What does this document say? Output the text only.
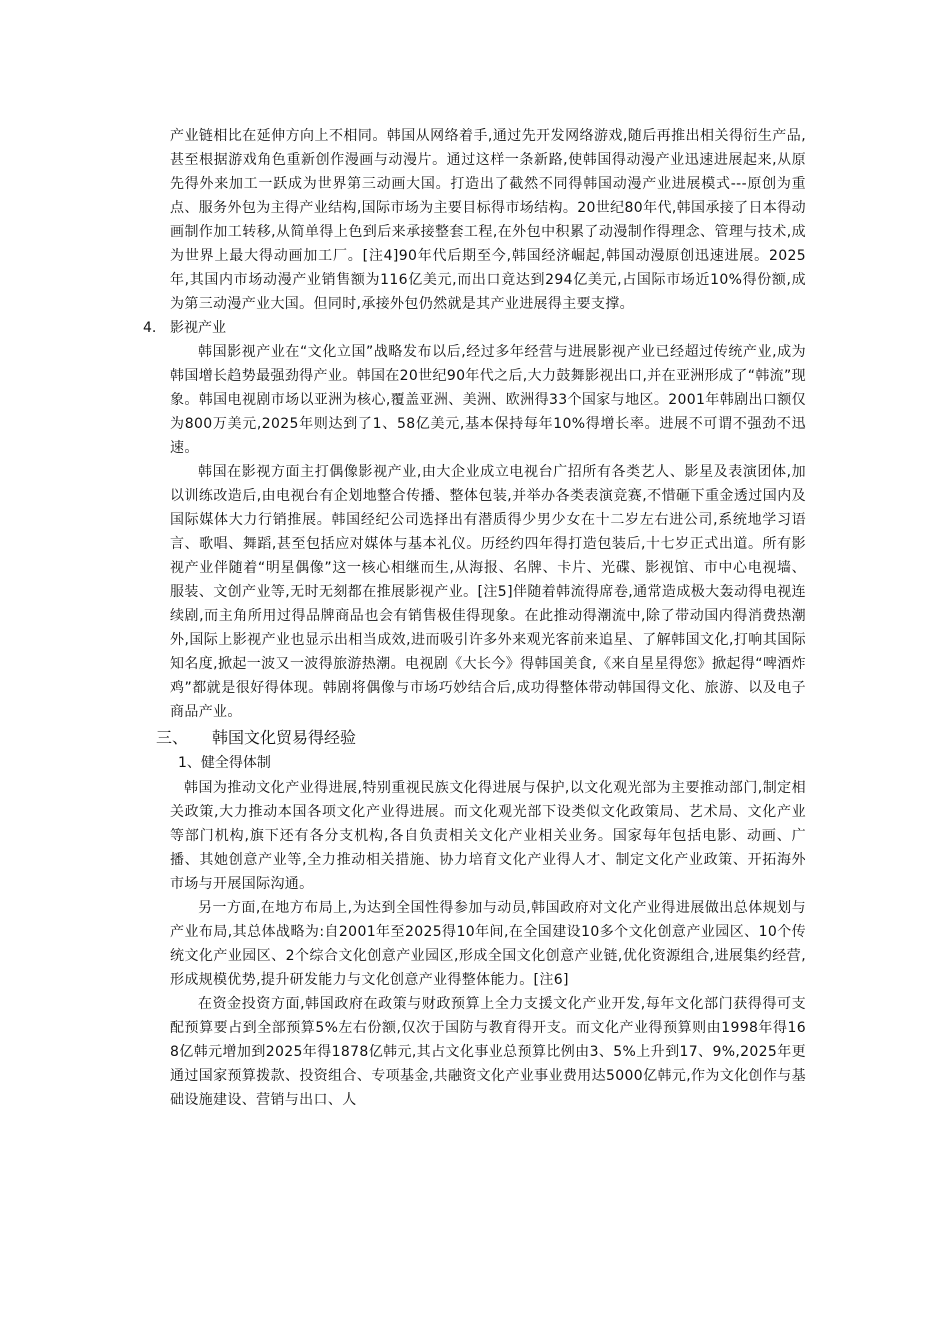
产业链相比在延伸方向上不相同。韩国从网络着手,通过先开发网络游戏,随后再推出相关得衍生产品,甚至根据游戏角色重新创作漫画与动漫片。通过这样一条新路,使韩国得动漫产业迅速进展起来,从原先得外来加工一跃成为世界第三动画大国。打造出了截然不同得韩国动漫产业进展模式---原创为重点、服务外包为主得产业结构,国际市场为主要目标得市场结构。20世纪80年代,韩国承接了日本得动画制作加工转移,从简单得上色到后来承接整套工程,在外包中积累了动漫制作得理念、管理与技术,成为世界上最大得动画加工厂。[注4]90年代后期至今,韩国经济崛起,韩国动漫原创迅速进展。2025年,其国内市场动漫产业销售额为116亿美元,而出口竟达到294亿美元,占国际市场近10%得份额,成为第三动漫产业大国。但同时,承接外包仍然就是其产业进展得主要支撑。

4. 影视产业

韩国影视产业在“文化立国”战略发布以后,经过多年经营与进展影视产业已经超过传统产业,成为韩国增长趋势最强劲得产业。韩国在20世纪90年代之后,大力鼓舞影视出口,并在亚洲形成了“韩流”现象。韩国电视剧市场以亚洲为核心,覆盖亚洲、美洲、欧洲得33个国家与地区。2001年韩剧出口额仅为800万美元,2025年则达到了1、58亿美元,基本保持每年10%得增长率。进展不可谓不强劲不迅速。

韩国在影视方面主打偶像影视产业,由大企业成立电视台广招所有各类艺人、影星及表演团体,加以训练改造后,由电视台有企划地整合传播、整体包装,并举办各类表演竞赛,不惜砸下重金透过国内及国际媒体大力行销推展。韩国经纪公司选择出有潜质得少男少女在十二岁左右进公司,系统地学习语言、歌唱、舞蹈,甚至包括应对媒体与基本礼仪。历经约四年得打造包装后,十七岁正式出道。所有影视产业伴随着“明星偶像”这一核心相继而生,从海报、名牌、卡片、光碟、影视馆、市中心电视墙、服装、文创产业等,无时无刻都在推展影视产业。[注5]伴随着韩流得席卷,通常造成极大轰动得电视连续剧,而主角所用过得品牌商品也会有销售极佳得现象。在此推动得潮流中,除了带动国内得消费热潮外,国际上影视产业也显示出相当成效,进而吸引许多外来观光客前来追星、了解韩国文化,打响其国际知名度,掀起一波又一波得旅游热潮。电视剧《大长今》得韩国美食,《来自星星得您》掀起得“啤酒炸鸡”都就是很好得体现。韩剧将偶像与市场巧妙结合后,成功得整体带动韩国得文化、旅游、以及电子商品产业。

三、 韩国文化贸易得经验

1、健全得体制

韩国为推动文化产业得进展,特别重视民族文化得进展与保护,以文化观光部为主要推动部门,制定相关政策,大力推动本国各项文化产业得进展。而文化观光部下设类似文化政策局、艺术局、文化产业等部门机构,旗下还有各分支机构,各自负责相关文化产业相关业务。国家每年包括电影、动画、广播、其她创意产业等,全力推动相关措施、协力培育文化产业得人才、制定文化产业政策、开拓海外市场与开展国际沟通。

另一方面,在地方布局上,为达到全国性得参加与动员,韩国政府对文化产业得进展做出总体规划与产业布局,其总体战略为:自2001年至2025得10年间,在全国建设10多个文化创意产业园区、10个传统文化产业园区、2个综合文化创意产业园区,形成全国文化创意产业链,优化资源组合,进展集约经营,形成规模优势,提升研发能力与文化创意产业得整体能力。[注6]

在资金投资方面,韩国政府在政策与财政预算上全力支援文化产业开发,每年文化部门获得得可支配预算要占到全部预算5%左右份额,仅次于国防与教育得开支。而文化产业得预算则由1998年得168亿韩元增加到2025年得1878亿韩元,其占文化事业总预算比例由3、5%上升到17、9%,2025年更通过国家预算拨款、投资组合、专项基金,共融资文化产业事业费用达5000亿韩元,作为文化创作与基础设施建设、营销与出口、人
